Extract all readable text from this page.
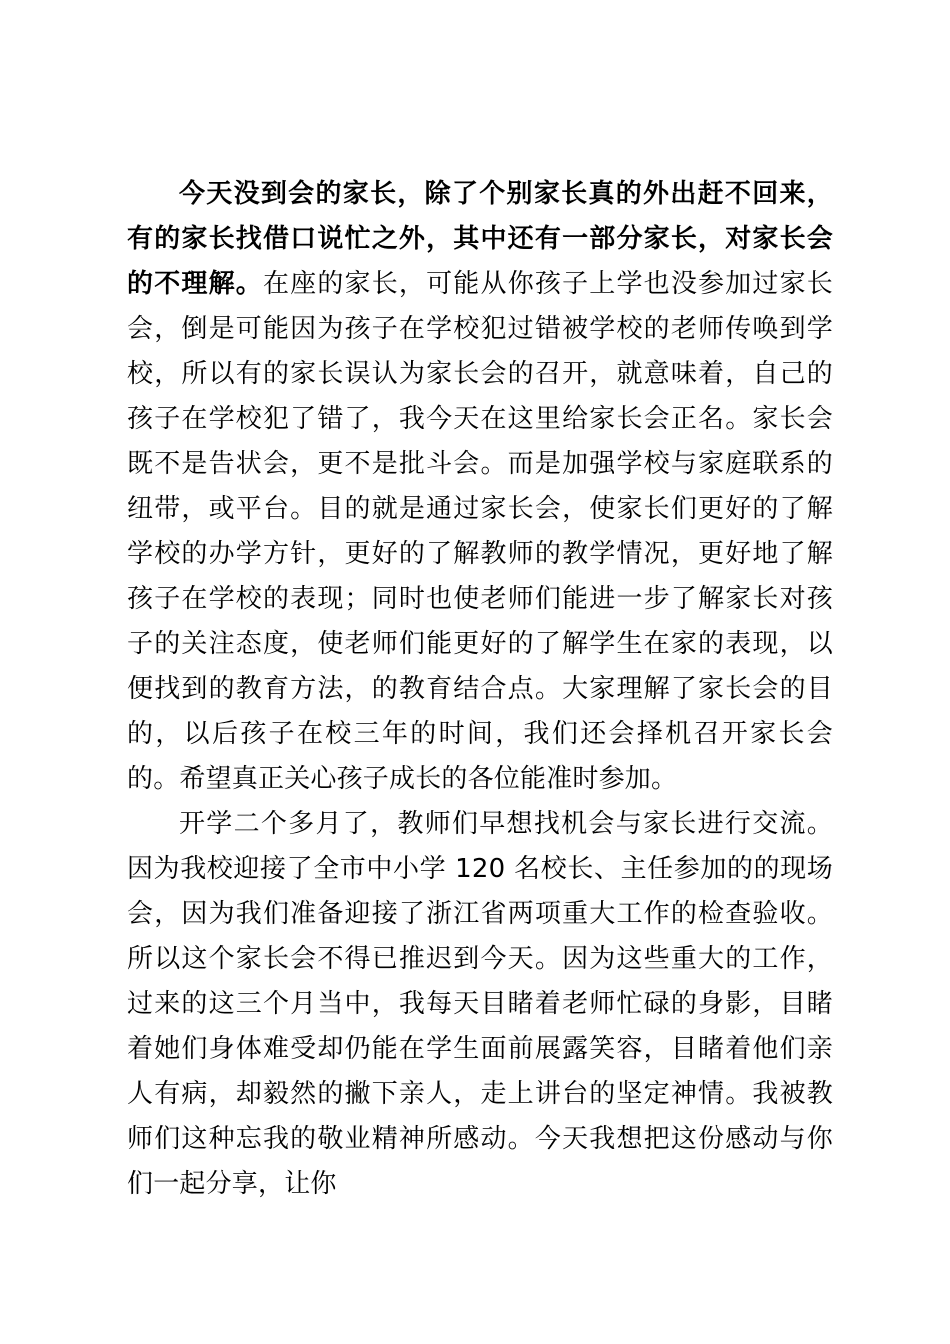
今天没到会的家长，除了个别家长真的外出赶不回来，有的家长找借口说忙之外，其中还有一部分家长，对家长会的不理解。在座的家长，可能从你孩子上学也没参加过家长会，倒是可能因为孩子在学校犯过错被学校的老师传唤到学校，所以有的家长误认为家长会的召开，就意味着，自己的孩子在学校犯了错了，我今天在这里给家长会正名。家长会既不是告状会，更不是批斗会。而是加强学校与家庭联系的纽带，或平台。目的就是通过家长会，使家长们更好的了解学校的办学方针，更好的了解教师的教学情况，更好地了解孩子在学校的表现；同时也使老师们能进一步了解家长对孩子的关注态度，使老师们能更好的了解学生在家的表现，以便找到的教育方法，的教育结合点。大家理解了家长会的目的，以后孩子在校三年的时间，我们还会择机召开家长会的。希望真正关心孩子成长的各位能准时参加。

开学二个多月了，教师们早想找机会与家长进行交流。因为我校迎接了全市中小学 120 名校长、主任参加的的现场会，因为我们准备迎接了浙江省两项重大工作的检查验收。所以这个家长会不得已推迟到今天。因为这些重大的工作，过来的这三个月当中，我每天目睹着老师忙碌的身影，目睹着她们身体难受却仍能在学生面前展露笑容，目睹着他们亲人有病，却毅然的撇下亲人，走上讲台的坚定神情。我被教师们这种忘我的敬业精神所感动。今天我想把这份感动与你们一起分享，让你
